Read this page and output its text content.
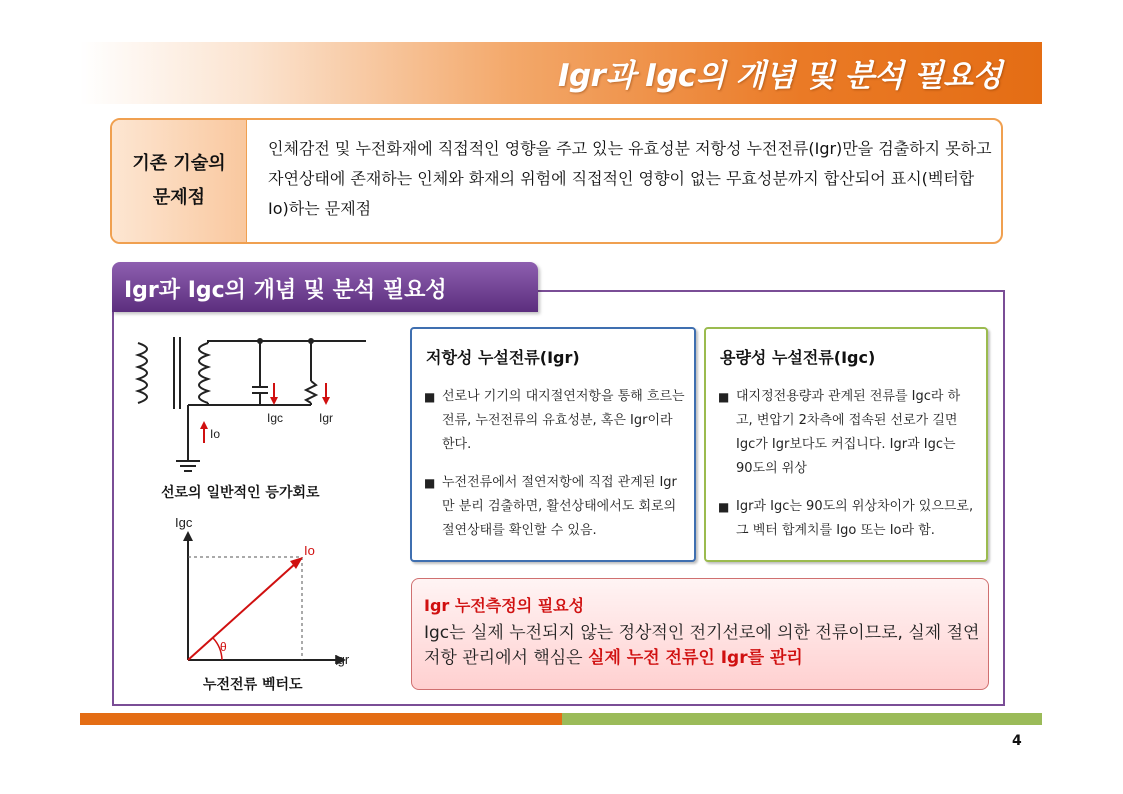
Igr과 Igc의 개념 및 분석 필요성
기존 기술의
문제점
인체감전 및 누전화재에 직접적인 영향을 주고 있는 유효성분 저항성 누전전류(Igr)만을 검출하지 못하고 자연상태에 존재하는 인체와 화재의 위험에 직접적인 영향이 없는 무효성분까지 합산되어 표시(벡터합 Io)하는 문제점
Igr과 Igc의 개념 및 분석 필요성
Igc	Igr
Io
선로의 일반적인 등가회로
θ
Io
Igc
Igr
누전전류 벡터도
저항성 누설전류(Igr)
■ 선로나 기기의 대지절연저항을 통해 흐르는 전류, 누전전류의 유효성분, 혹은 Igr이라 한다.
■ 누전전류에서 절연저항에 직접 관계된 Igr만 분리 검출하면, 활선상태에서도 회로의 절연상태를 확인할 수 있음.
용량성 누설전류(Igc)
■ 대지정전용량과 관계된 전류를 Igc라 하고, 변압기 2차측에 접속된 선로가 길면 Igc가 Igr보다도 커집니다. Igr과 Igc는 90도의 위상
■ Igr과 Igc는 90도의 위상차이가 있으므로, 그 벡터 합계치를 Igo 또는 Io라 함.
Igr 누전측정의 필요성
Igc는 실제 누전되지 않는 정상적인 전기선로에 의한 전류이므로, 실제 절연저항 관리에서 핵심은 실제 누전 전류인 Igr를 관리
4
